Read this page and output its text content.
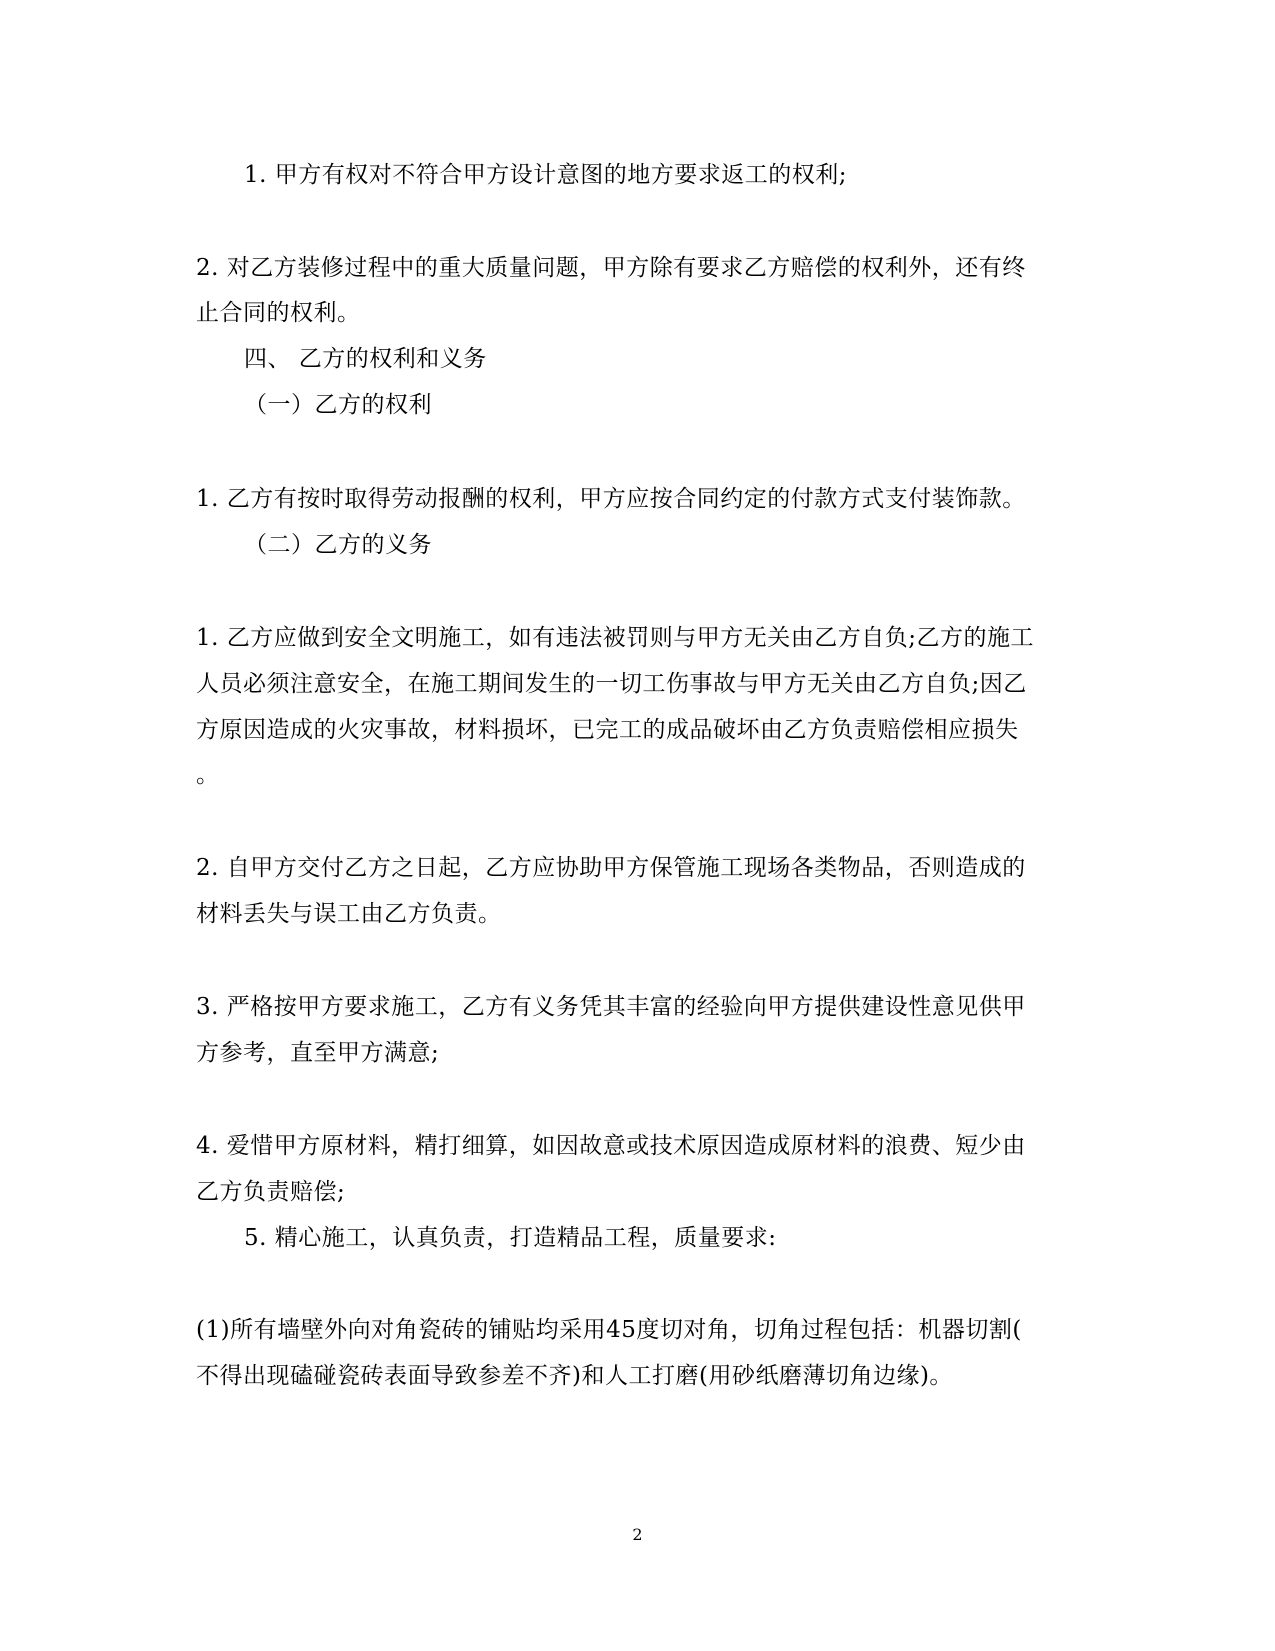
1. 甲方有权对不符合甲方设计意图的地方要求返工的权利;
2. 对乙方装修过程中的重大质量问题，甲方除有要求乙方赔偿的权利外，还有终
止合同的权利。
四、 乙方的权利和义务
（一）乙方的权利
1. 乙方有按时取得劳动报酬的权利，甲方应按合同约定的付款方式支付装饰款。
（二）乙方的义务
1. 乙方应做到安全文明施工，如有违法被罚则与甲方无关由乙方自负;乙方的施工
人员必须注意安全，在施工期间发生的一切工伤事故与甲方无关由乙方自负;因乙
方原因造成的火灾事故，材料损坏，已完工的成品破坏由乙方负责赔偿相应损失
。
2. 自甲方交付乙方之日起，乙方应协助甲方保管施工现场各类物品，否则造成的
材料丢失与误工由乙方负责。
3. 严格按甲方要求施工，乙方有义务凭其丰富的经验向甲方提供建设性意见供甲
方参考，直至甲方满意;
4. 爱惜甲方原材料，精打细算，如因故意或技术原因造成原材料的浪费、短少由
乙方负责赔偿;
5. 精心施工，认真负责，打造精品工程，质量要求:
(1)所有墙壁外向对角瓷砖的铺贴均采用45度切对角，切角过程包括：机器切割(
不得出现磕碰瓷砖表面导致参差不齐)和人工打磨(用砂纸磨薄切角边缘)。
2
